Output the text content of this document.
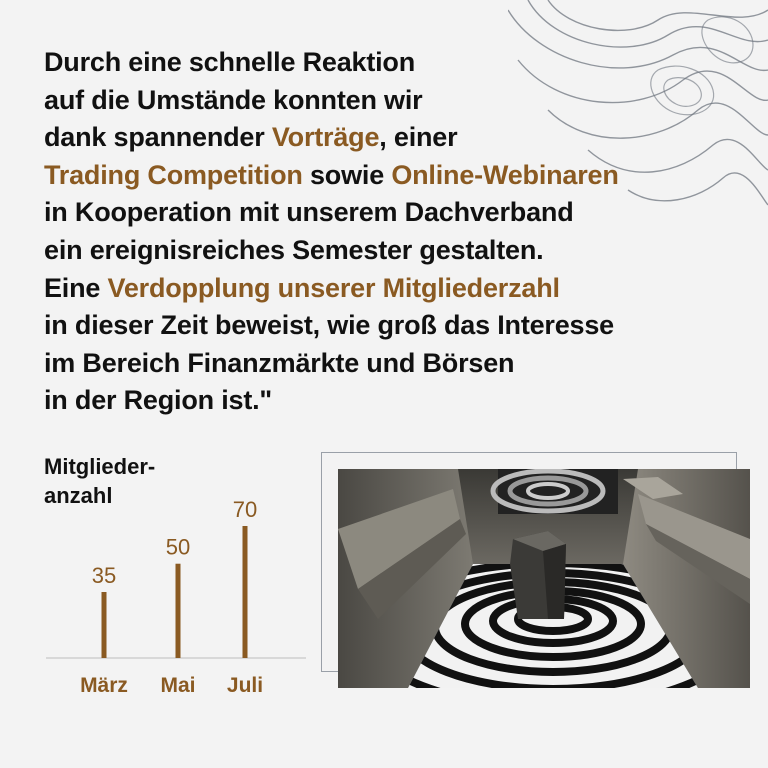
Durch eine schnelle Reaktion
auf die Umstände konnten wir
dank spannender Vorträge, einer
Trading Competition sowie Online-Webinaren
in Kooperation mit unserem Dachverband
ein ereignisreiches Semester gestalten.
Eine Verdopplung unserer Mitgliederzahl
in dieser Zeit beweist, wie groß das Interesse
im Bereich Finanzmärkte und Börsen
in der Region ist."
Mitglieder-
anzahl
35
März
50
Mai
70
Juli
